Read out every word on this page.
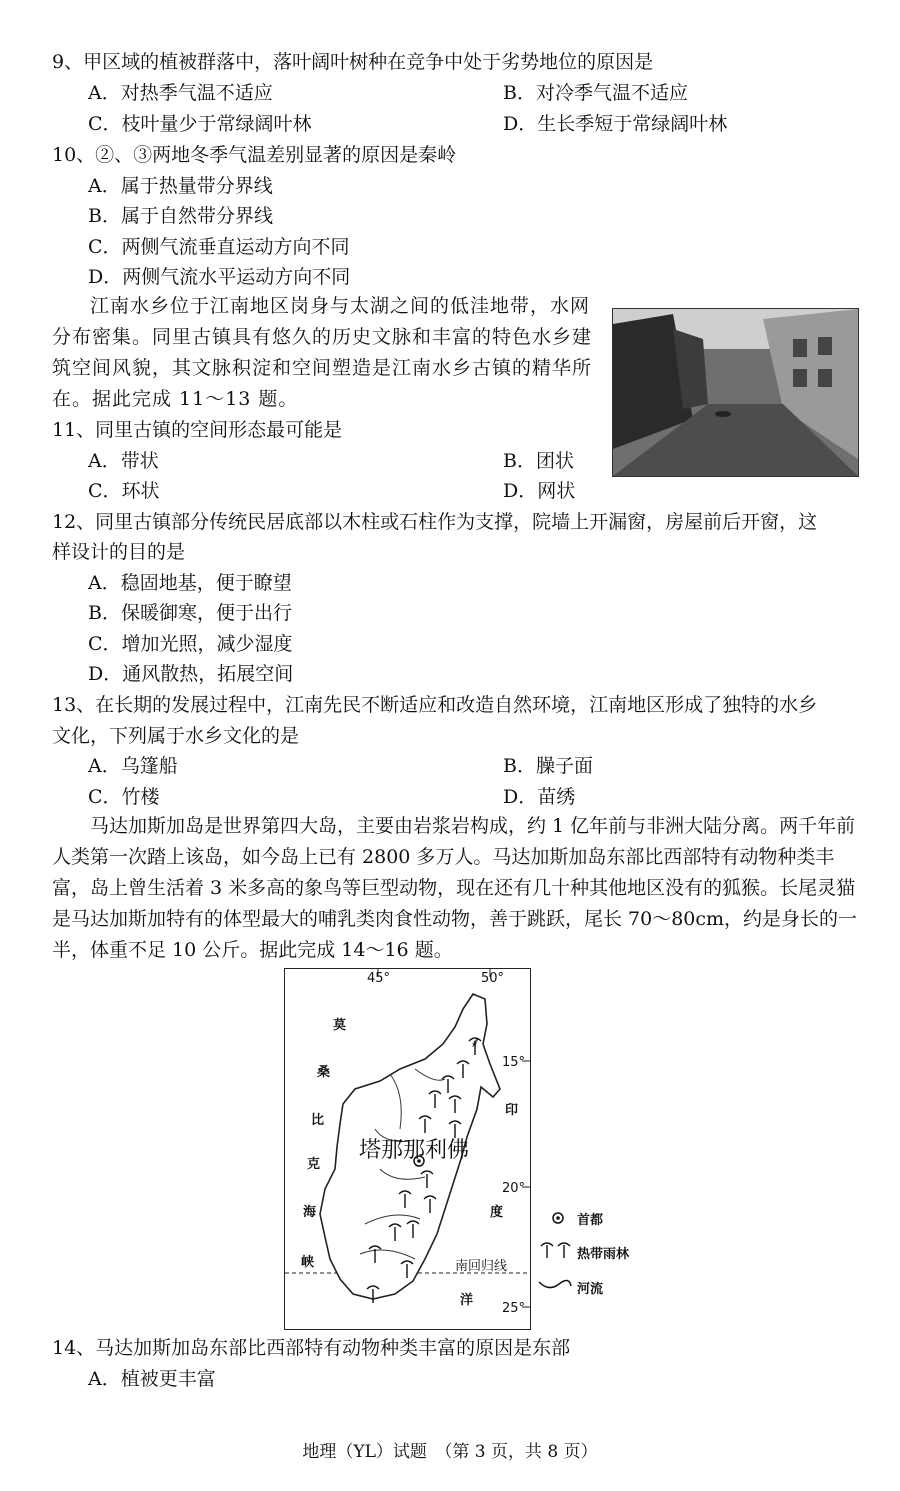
9、甲区域的植被群落中，落叶阔叶树种在竞争中处于劣势地位的原因是
A．对热季气温不适应	B．对冷季气温不适应
C．枝叶量少于常绿阔叶林	D．生长季短于常绿阔叶林
10、②、③两地冬季气温差别显著的原因是秦岭
A．属于热量带分界线
B．属于自然带分界线
C．两侧气流垂直运动方向不同
D．两侧气流水平运动方向不同
江南水乡位于江南地区岗身与太湖之间的低洼地带，水网分布密集。同里古镇具有悠久的历史文脉和丰富的特色水乡建筑空间风貌，其文脉积淀和空间塑造是江南水乡古镇的精华所在。据此完成 11～13 题。
11、同里古镇的空间形态最可能是
A．带状	B．团状
C．环状	D．网状
12、同里古镇部分传统民居底部以木柱或石柱作为支撑，院墙上开漏窗，房屋前后开窗，这
样设计的目的是
A．稳固地基，便于瞭望
B．保暖御寒，便于出行
C．增加光照，减少湿度
D．通风散热，拓展空间
13、在长期的发展过程中，江南先民不断适应和改造自然环境，江南地区形成了独特的水乡
文化，下列属于水乡文化的是
A．乌篷船	B．臊子面
C．竹楼	D．苗绣
马达加斯加岛是世界第四大岛，主要由岩浆岩构成，约 1 亿年前与非洲大陆分离。两千年前人类第一次踏上该岛，如今岛上已有 2800 多万人。马达加斯加岛东部比西部特有动物种类丰富，岛上曾生活着 3 米多高的象鸟等巨型动物，现在还有几十种其他地区没有的狐猴。长尾灵猫是马达加斯加特有的体型最大的哺乳类肉食性动物，善于跳跃，尾长 70～80cm，约是身长的一半，体重不足 10 公斤。据此完成 14～16 题。
⸙
45°	50°
15°
20°
25°
莫
桑
比
克
海
峡
印
度
洋
塔那那利佛
南回归线
首都
热带雨林
河流
14、马达加斯加岛东部比西部特有动物种类丰富的原因是东部
A．植被更丰富
地理（YL）试题　（第 3 页，共 8 页）
